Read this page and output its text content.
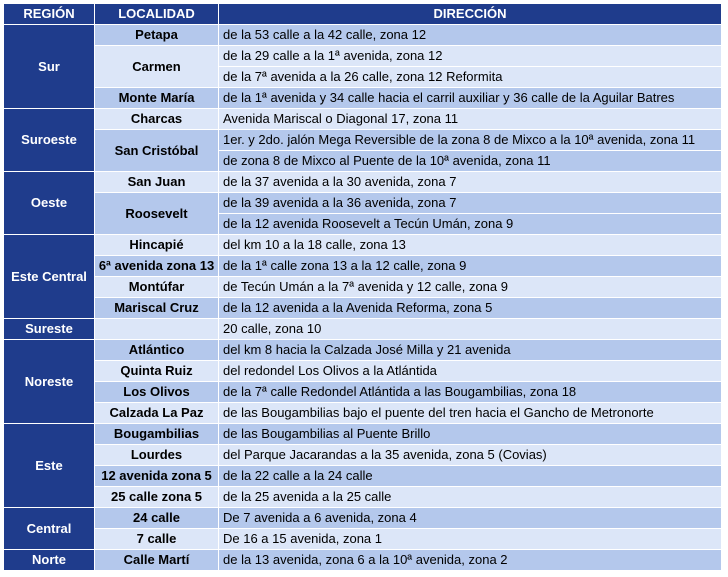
REGIÓN	LOCALIDAD	DIRECCIÓN
Sur	Petapa	de la 53 calle a la 42 calle, zona 12
	Carmen	de la 29 calle a la 1ª avenida, zona 12
		de la 7ª avenida a la 26 calle, zona 12 Reformita
	Monte María	de la 1ª avenida y 34 calle hacia el carril auxiliar y 36 calle de la Aguilar Batres
Suroeste	Charcas	Avenida Mariscal o Diagonal 17, zona 11
	San Cristóbal	1er. y 2do. jalón Mega Reversible de la zona 8 de Mixco a la 10ª avenida, zona 11
		de zona 8 de Mixco al Puente de la 10ª avenida, zona 11
Oeste	San Juan	de la 37 avenida a la 30 avenida, zona 7
	Roosevelt	de la 39 avenida a la 36 avenida, zona 7
		de la 12 avenida Roosevelt a Tecún Umán, zona 9
Este Central	Hincapié	del km 10 a la 18 calle, zona 13
	6ª avenida zona 13	de la 1ª calle zona 13 a la 12 calle, zona 9
	Montúfar	de Tecún Umán a la 7ª avenida y 12 calle, zona 9
	Mariscal Cruz	de la 12 avenida a la Avenida Reforma, zona 5
Sureste		20 calle, zona 10
Noreste	Atlántico	del km 8 hacia la Calzada José Milla y 21 avenida
	Quinta Ruiz	del redondel Los Olivos a la Atlántida
	Los Olivos	de la 7ª calle Redondel Atlántida a las Bougambilias, zona 18
	Calzada La Paz	de las Bougambilias bajo el puente del tren hacia el Gancho de Metronorte
Este	Bougambilias	de las Bougambilias al Puente Brillo
	Lourdes	del Parque Jacarandas a la 35 avenida, zona 5 (Covias)
	12 avenida zona 5	de la 22 calle a la 24 calle
	25 calle zona 5	de la 25 avenida a la 25 calle
Central	24 calle	De 7 avenida a 6 avenida, zona 4
	7 calle	De 16 a 15 avenida, zona 1
Norte	Calle Martí	de la 13 avenida, zona 6 a la 10ª avenida, zona 2
